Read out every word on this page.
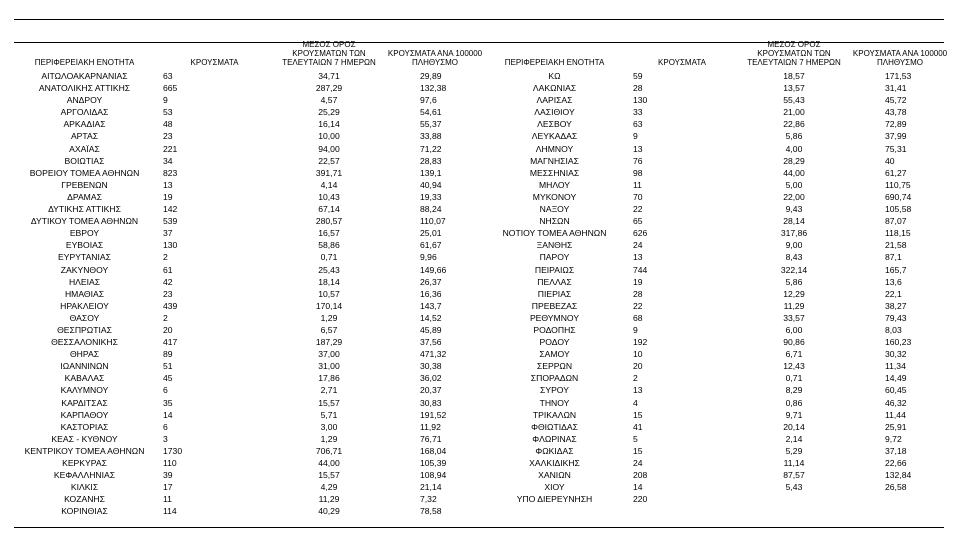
ΠΕΡΙΦΕΡΕΙΑΚΗ ΕΝΟΤΗΤΑ	ΚΡΟΥΣΜΑΤΑ	ΜΕΣΟΣ ΟΡΟΣ ΚΡΟΥΣΜΑΤΩΝ ΤΩΝ ΤΕΛΕΥΤΑΙΩΝ 7 ΗΜΕΡΩΝ	ΚΡΟΥΣΜΑΤΑ ΑΝΑ 100000 ΠΛΗΘΥΣΜΟ
ΑΙΤΩΛΟΑΚΑΡΝΑΝΙΑΣ	63	34,71	29,89
ΑΝΑΤΟΛΙΚΗΣ ΑΤΤΙΚΗΣ	665	287,29	132,38
ΑΝΔΡΟΥ	9	4,57	97,6
ΑΡΓΟΛΙΔΑΣ	53	25,29	54,61
ΑΡΚΑΔΙΑΣ	48	16,14	55,37
ΑΡΤΑΣ	23	10,00	33,88
ΑΧΑΪΑΣ	221	94,00	71,22
ΒΟΙΩΤΙΑΣ	34	22,57	28,83
ΒΟΡΕΙΟΥ ΤΟΜΕΑ ΑΘΗΝΩΝ	823	391,71	139,1
ΓΡΕΒΕΝΩΝ	13	4,14	40,94
ΔΡΑΜΑΣ	19	10,43	19,33
ΔΥΤΙΚΗΣ ΑΤΤΙΚΗΣ	142	67,14	88,24
ΔΥΤΙΚΟΥ ΤΟΜΕΑ ΑΘΗΝΩΝ	539	280,57	110,07
ΕΒΡΟΥ	37	16,57	25,01
ΕΥΒΟΙΑΣ	130	58,86	61,67
ΕΥΡΥΤΑΝΙΑΣ	2	0,71	9,96
ΖΑΚΥΝΘΟΥ	61	25,43	149,66
ΗΛΕΙΑΣ	42	18,14	26,37
ΗΜΑΘΙΑΣ	23	10,57	16,36
ΗΡΑΚΛΕΙΟΥ	439	170,14	143,7
ΘΑΣΟΥ	2	1,29	14,52
ΘΕΣΠΡΩΤΙΑΣ	20	6,57	45,89
ΘΕΣΣΑΛΟΝΙΚΗΣ	417	187,29	37,56
ΘΗΡΑΣ	89	37,00	471,32
ΙΩΑΝΝΙΝΩΝ	51	31,00	30,38
ΚΑΒΑΛΑΣ	45	17,86	36,02
ΚΑΛΥΜΝΟΥ	6	2,71	20,37
ΚΑΡΔΙΤΣΑΣ	35	15,57	30,83
ΚΑΡΠΑΘΟΥ	14	5,71	191,52
ΚΑΣΤΟΡΙΑΣ	6	3,00	11,92
ΚΕΑΣ - ΚΥΘΝΟΥ	3	1,29	76,71
ΚΕΝΤΡΙΚΟΥ ΤΟΜΕΑ ΑΘΗΝΩΝ	1730	706,71	168,04
ΚΕΡΚΥΡΑΣ	110	44,00	105,39
ΚΕΦΑΛΛΗΝΙΑΣ	39	15,57	108,94
ΚΙΛΚΙΣ	17	4,29	21,14
ΚΟΖΑΝΗΣ	11	11,29	7,32
ΚΟΡΙΝΘΙΑΣ	114	40,29	78,58
ΠΕΡΙΦΕΡΕΙΑΚΗ ΕΝΟΤΗΤΑ	ΚΡΟΥΣΜΑΤΑ	ΜΕΣΟΣ ΟΡΟΣ ΚΡΟΥΣΜΑΤΩΝ ΤΩΝ ΤΕΛΕΥΤΑΙΩΝ 7 ΗΜΕΡΩΝ	ΚΡΟΥΣΜΑΤΑ ΑΝΑ 100000 ΠΛΗΘΥΣΜΟ
ΚΩ	59	18,57	171,53
ΛΑΚΩΝΙΑΣ	28	13,57	31,41
ΛΑΡΙΣΑΣ	130	55,43	45,72
ΛΑΣΙΘΙΟΥ	33	21,00	43,78
ΛΕΣΒΟΥ	63	22,86	72,89
ΛΕΥΚΑΔΑΣ	9	5,86	37,99
ΛΗΜΝΟΥ	13	4,00	75,31
ΜΑΓΝΗΣΙΑΣ	76	28,29	40
ΜΕΣΣΗΝΙΑΣ	98	44,00	61,27
ΜΗΛΟΥ	11	5,00	110,75
ΜΥΚΟΝΟΥ	70	22,00	690,74
ΝΑΞΟΥ	22	9,43	105,58
ΝΗΣΩΝ	65	28,14	87,07
ΝΟΤΙΟΥ ΤΟΜΕΑ ΑΘΗΝΩΝ	626	317,86	118,15
ΞΑΝΘΗΣ	24	9,00	21,58
ΠΑΡΟΥ	13	8,43	87,1
ΠΕΙΡΑΙΩΣ	744	322,14	165,7
ΠΕΛΛΑΣ	19	5,86	13,6
ΠΙΕΡΙΑΣ	28	12,29	22,1
ΠΡΕΒΕΖΑΣ	22	11,29	38,27
ΡΕΘΥΜΝΟΥ	68	33,57	79,43
ΡΟΔΟΠΗΣ	9	6,00	8,03
ΡΟΔΟΥ	192	90,86	160,23
ΣΑΜΟΥ	10	6,71	30,32
ΣΕΡΡΩΝ	20	12,43	11,34
ΣΠΟΡΑΔΩΝ	2	0,71	14,49
ΣΥΡΟΥ	13	8,29	60,45
ΤΗΝΟΥ	4	0,86	46,32
ΤΡΙΚΑΛΩΝ	15	9,71	11,44
ΦΘΙΩΤΙΔΑΣ	41	20,14	25,91
ΦΛΩΡΙΝΑΣ	5	2,14	9,72
ΦΩΚΙΔΑΣ	15	5,29	37,18
ΧΑΛΚΙΔΙΚΗΣ	24	11,14	22,66
ΧΑΝΙΩΝ	208	87,57	132,84
ΧΙΟΥ	14	5,43	26,58
ΥΠΟ ΔΙΕΡΕΥΝΗΣΗ	220		
